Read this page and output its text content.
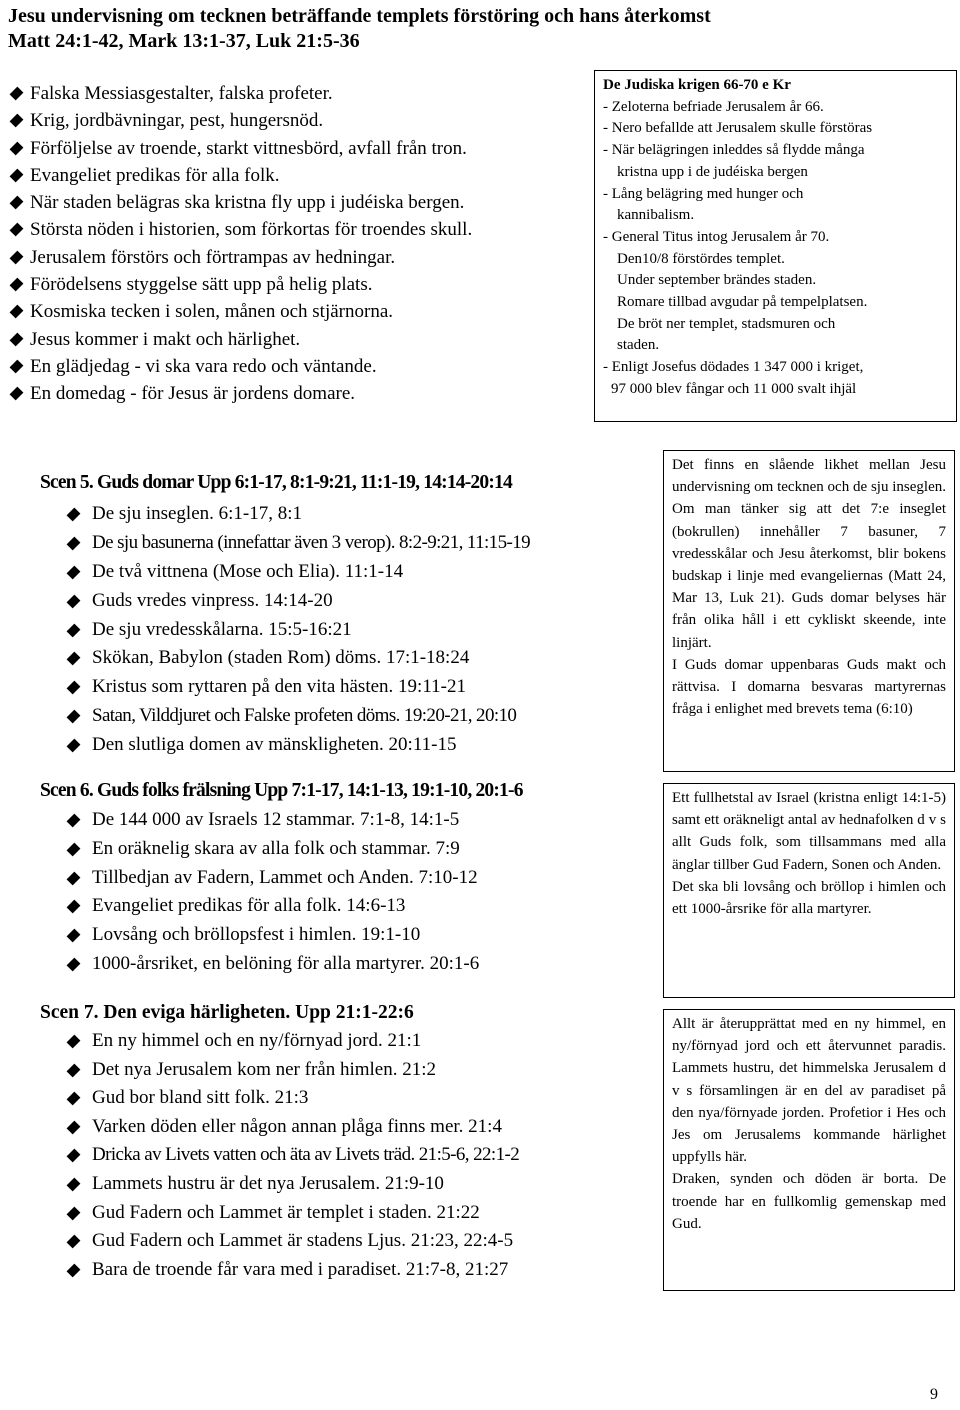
Jesu undervisning om tecknen beträffande templets förstöring och hans återkomst
Matt 24:1-42, Mark 13:1-37, Luk 21:5-36
Falska Messiasgestalter, falska profeter.
Krig, jordbävningar, pest, hungersnöd.
Förföljelse av troende, starkt vittnesbörd, avfall från tron.
Evangeliet predikas för alla folk.
När staden belägras ska kristna fly upp i judéiska bergen.
Största nöden i historien, som förkortas för troendes skull.
Jerusalem förstörs och förtrampas av hedningar.
Förödelsens styggelse sätt upp på helig plats.
Kosmiska tecken i solen, månen och stjärnorna.
Jesus kommer i makt och härlighet.
En glädjedag - vi ska vara redo och väntande.
En domedag - för Jesus är jordens domare.
De Judiska krigen 66-70 e Kr
- Zeloterna befriade Jerusalem år 66.
- Nero befallde att Jerusalem skulle förstöras
- När belägringen inleddes så flydde många
kristna upp i de judéiska bergen
- Lång belägring med hunger och
kannibalism.
- General Titus intog Jerusalem år 70.
Den10/8 förstördes templet.
Under september brändes staden.
Romare tillbad avgudar på tempelplatsen.
De bröt ner templet, stadsmuren och
staden.
- Enligt Josefus dödades 1 347 000 i kriget,
97 000 blev fångar och 11 000 svalt ihjäl
Scen 5. Guds domar Upp 6:1-17, 8:1-9:21, 11:1-19, 14:14-20:14
De sju inseglen. 6:1-17, 8:1
De sju basunerna (innefattar även 3 verop). 8:2-9:21, 11:15-19
De två vittnena (Mose och Elia). 11:1-14
Guds vredes vinpress. 14:14-20
De sju vredesskålarna. 15:5-16:21
Skökan, Babylon (staden Rom) döms. 17:1-18:24
Kristus som ryttaren på den vita hästen. 19:11-21
Satan, Vilddjuret och Falske profeten döms. 19:20-21, 20:10
Den slutliga domen av mänskligheten. 20:11-15
Scen 6. Guds folks frälsning Upp 7:1-17, 14:1-13, 19:1-10, 20:1-6
De 144 000 av Israels 12 stammar. 7:1-8, 14:1-5
En oräknelig skara av alla folk och stammar. 7:9
Tillbedjan av Fadern, Lammet och Anden. 7:10-12
Evangeliet predikas för alla folk. 14:6-13
Lovsång och bröllopsfest i himlen. 19:1-10
1000-årsriket, en belöning för alla martyrer. 20:1-6
Scen 7. Den eviga härligheten. Upp 21:1-22:6
En ny himmel och en ny/förnyad jord. 21:1
Det nya Jerusalem kom ner från himlen. 21:2
Gud bor bland sitt folk. 21:3
Varken döden eller någon annan plåga finns mer. 21:4
Dricka av Livets vatten och äta av Livets träd. 21:5-6, 22:1-2
Lammets hustru är det nya Jerusalem. 21:9-10
Gud Fadern och Lammet är templet i staden. 21:22
Gud Fadern och Lammet är stadens Ljus. 21:23, 22:4-5
Bara de troende får vara med i paradiset. 21:7-8, 21:27
Det finns en slående likhet mellan Jesu undervisning om tecknen och de sju inseglen. Om man tänker sig att det 7:e inseglet (bokrullen) innehåller 7 basuner, 7 vredesskålar och Jesu återkomst, blir bokens budskap i linje med evangeliernas (Matt 24, Mar 13, Luk 21). Guds domar belyses här från olika håll i ett cykliskt skeende, inte linjärt.
I Guds domar uppenbaras Guds makt och rättvisa. I domarna besvaras martyrernas fråga i enlighet med brevets tema (6:10)
Ett fullhetstal av Israel (kristna enligt 14:1-5) samt ett oräkneligt antal av hednafolken d v s allt Guds folk, som tillsammans med alla änglar tillber Gud Fadern, Sonen och Anden.
Det ska bli lovsång och bröllop i himlen och ett 1000-årsrike för alla martyrer.
Allt är återupprättat med en ny himmel, en ny/förnyad jord och ett återvunnet paradis. Lammets hustru, det himmelska Jerusalem d v s församlingen är en del av paradiset på den nya/förnyade jorden. Profetior i Hes och Jes om Jerusalems kommande härlighet uppfylls här.
Draken, synden och döden är borta. De troende har en fullkomlig gemenskap med Gud.
9
